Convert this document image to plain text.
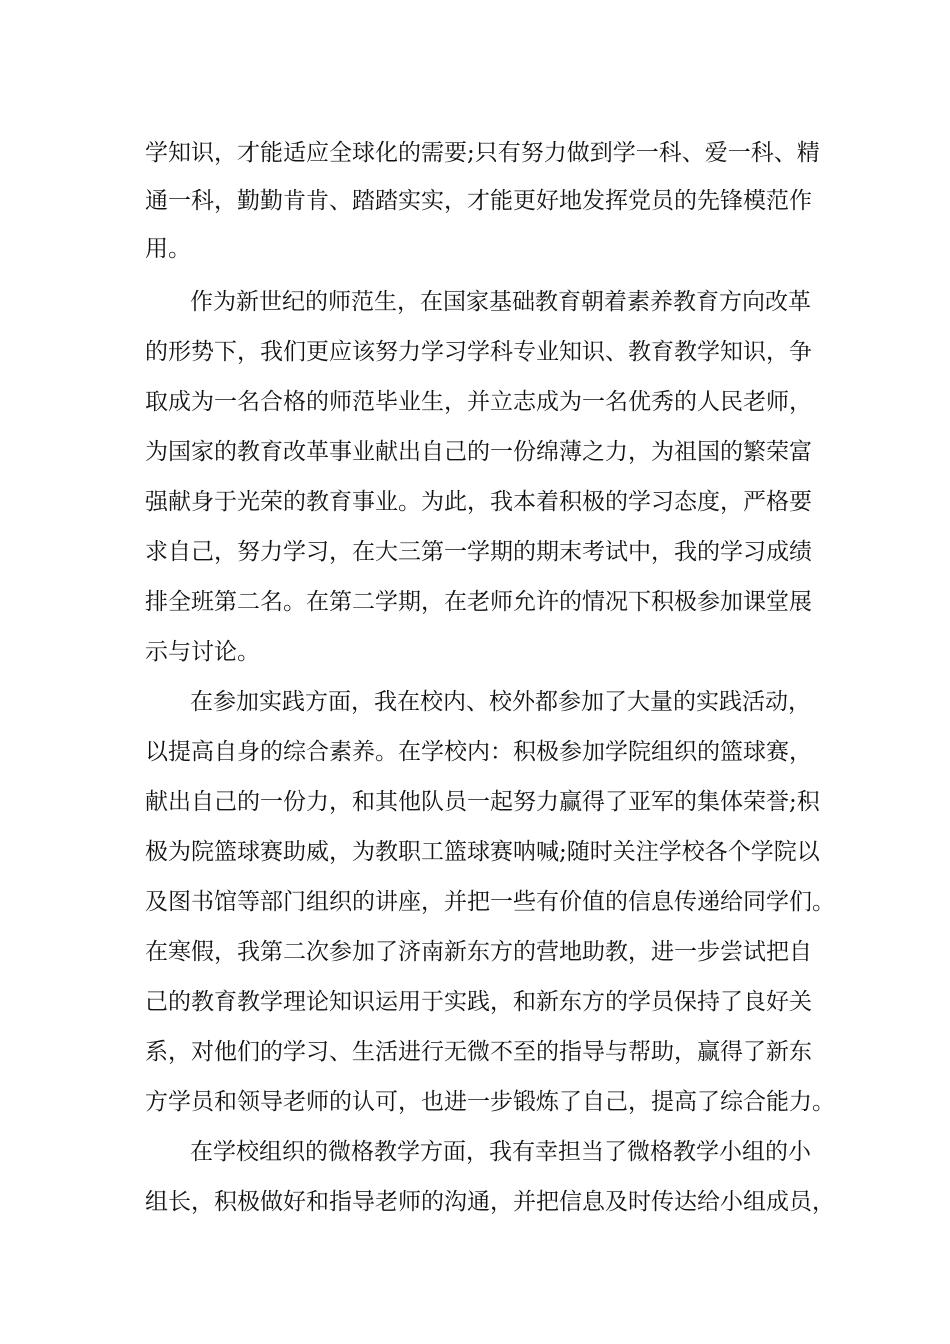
学知识，才能适应全球化的需要;只有努力做到学一科、爱一科、精
通一科，勤勤肯肯、踏踏实实，才能更好地发挥党员的先锋模范作
用。
作为新世纪的师范生，在国家基础教育朝着素养教育方向改革
的形势下，我们更应该努力学习学科专业知识、教育教学知识，争
取成为一名合格的师范毕业生，并立志成为一名优秀的人民老师，
为国家的教育改革事业献出自己的一份绵薄之力，为祖国的繁荣富
强献身于光荣的教育事业。为此，我本着积极的学习态度，严格要
求自己，努力学习，在大三第一学期的期末考试中，我的学习成绩
排全班第二名。在第二学期，在老师允许的情况下积极参加课堂展
示与讨论。
在参加实践方面，我在校内、校外都参加了大量的实践活动，
以提高自身的综合素养。在学校内：积极参加学院组织的篮球赛，
献出自己的一份力，和其他队员一起努力赢得了亚军的集体荣誉;积
极为院篮球赛助威，为教职工篮球赛呐喊;随时关注学校各个学院以
及图书馆等部门组织的讲座，并把一些有价值的信息传递给同学们。
在寒假，我第二次参加了济南新东方的营地助教，进一步尝试把自
己的教育教学理论知识运用于实践，和新东方的学员保持了良好关
系，对他们的学习、生活进行无微不至的指导与帮助，赢得了新东
方学员和领导老师的认可，也进一步锻炼了自己，提高了综合能力。
在学校组织的微格教学方面，我有幸担当了微格教学小组的小
组长，积极做好和指导老师的沟通，并把信息及时传达给小组成员，
